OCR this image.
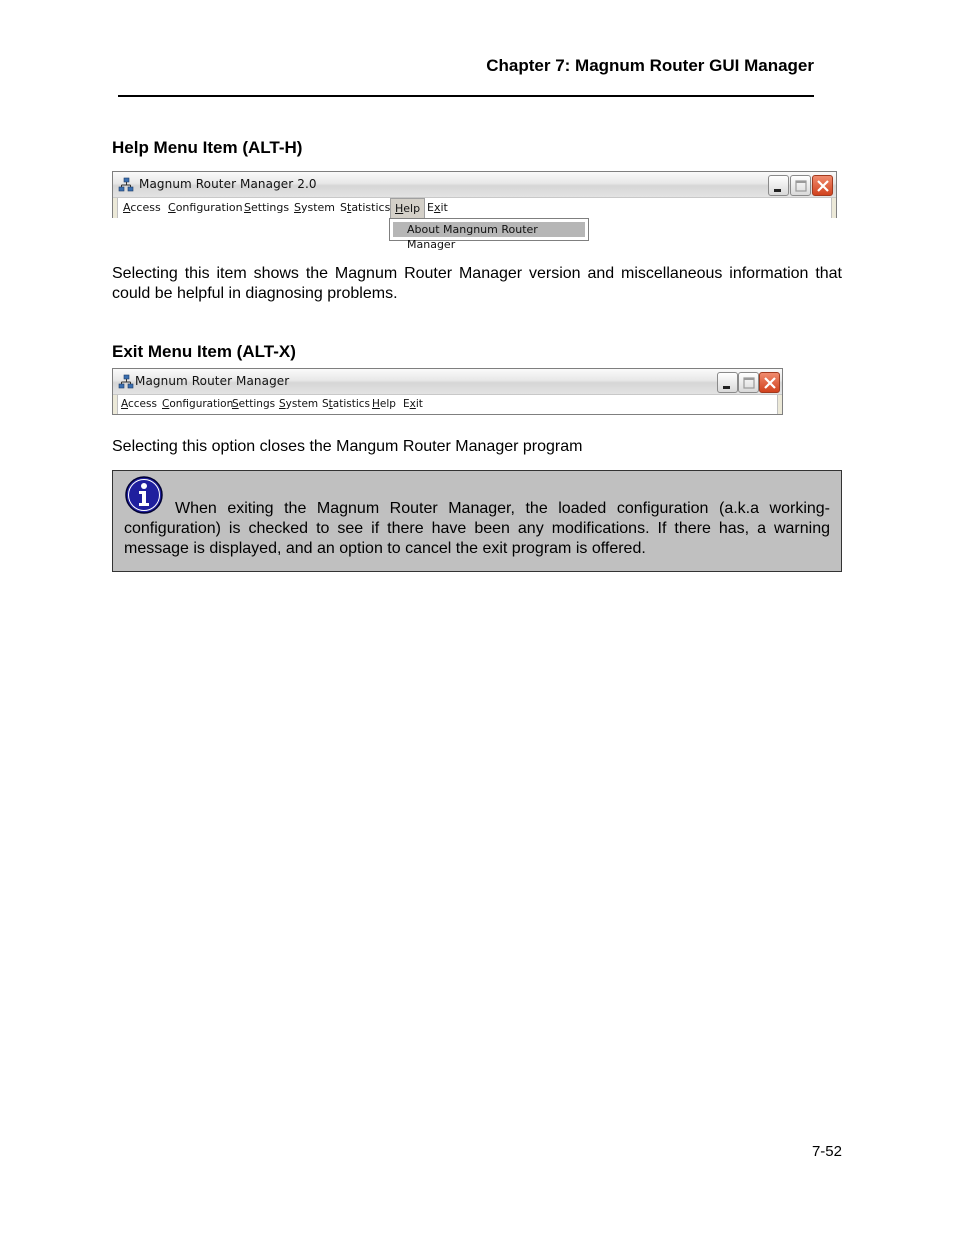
Chapter 7: Magnum Router GUI Manager
Help Menu Item (ALT-H)
Magnum Router Manager 2.0
Access Configuration Settings System Statistics Help Exit
About Mangnum Router Manager

Selecting this item shows the Magnum Router Manager version and miscellaneous information that could be helpful in diagnosing problems.

Exit Menu Item (ALT-X)
Magnum Router Manager
Access Configuration
Settings System Statistics Help Exit

Selecting this option closes the Mangum Router Manager program

When exiting the Magnum Router Manager, the loaded configuration (a.k.a working-configuration) is checked to see if there have been any modifications. If there has, a warning message is displayed, and an option to cancel the exit program is offered.

7-52
